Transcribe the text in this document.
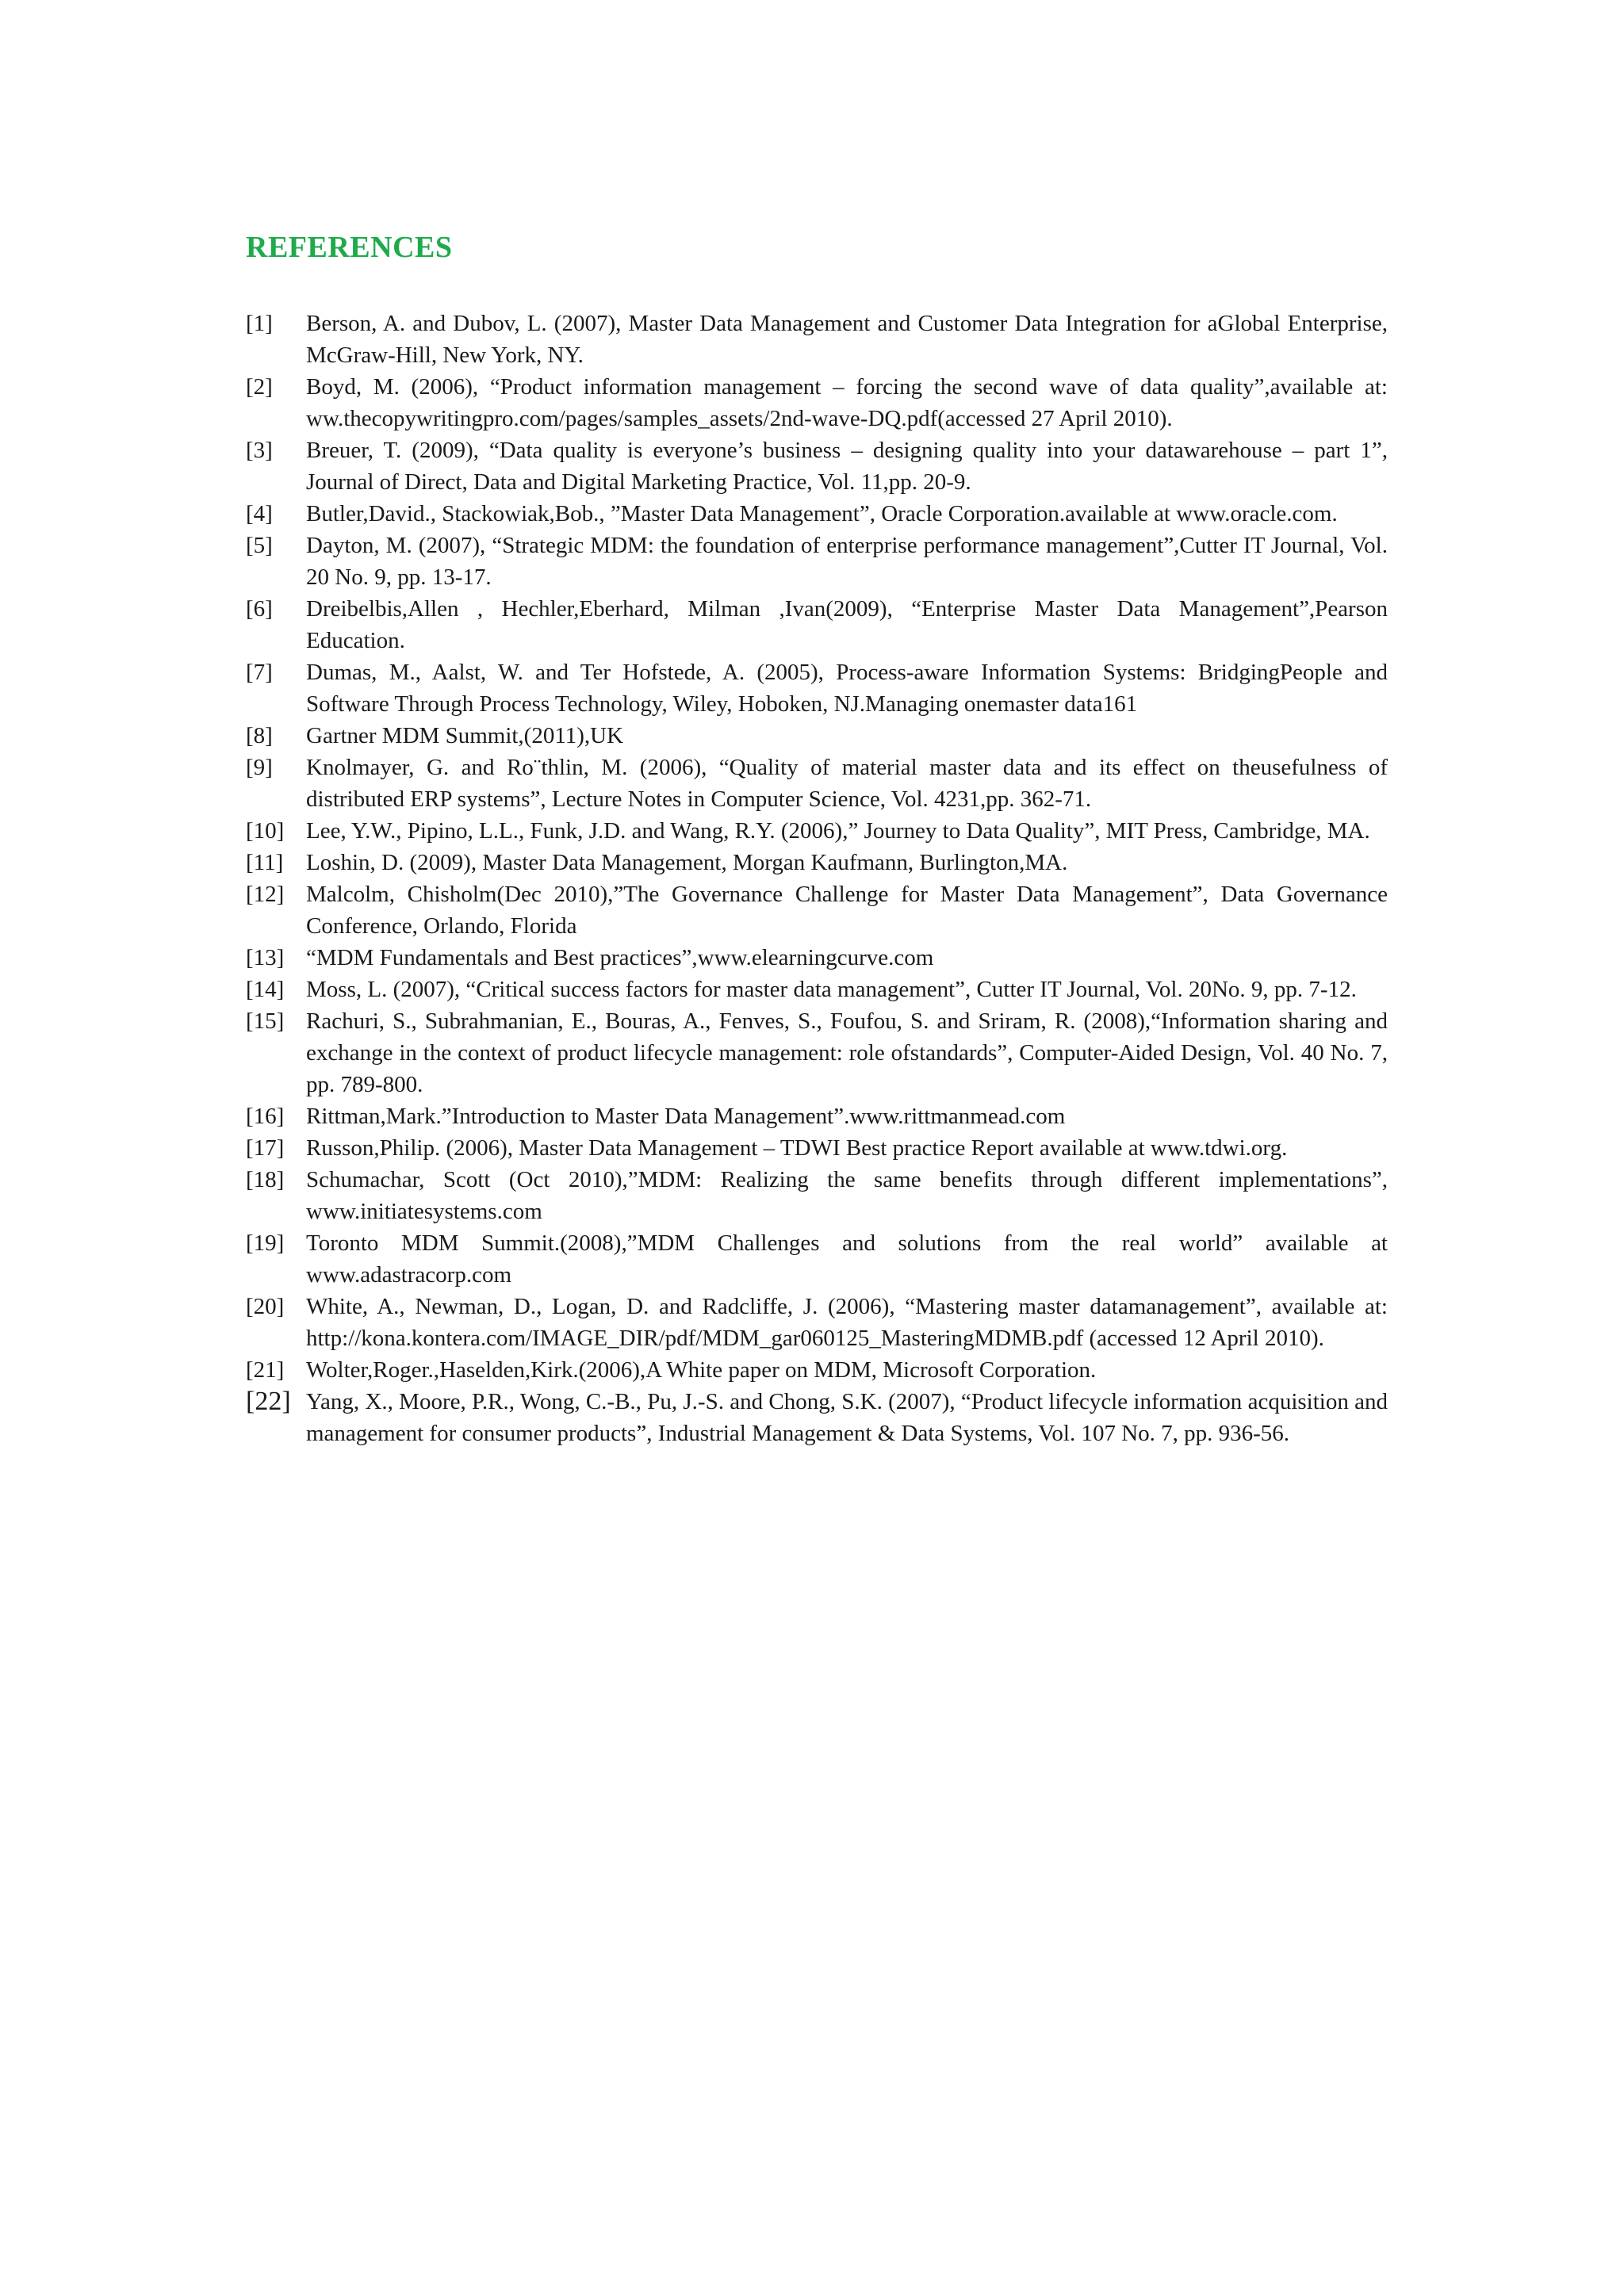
REFERENCES
[1]	Berson, A. and Dubov, L. (2007), Master Data Management and Customer Data Integration for aGlobal Enterprise, McGraw-Hill, New York, NY.
[2]	Boyd, M. (2006), “Product information management – forcing the second wave of data quality”,available at: ww.thecopywritingpro.com/pages/samples_assets/2nd-wave-DQ.pdf(accessed 27 April 2010).
[3]	Breuer, T. (2009), “Data quality is everyone’s business – designing quality into your datawarehouse – part 1”, Journal of Direct, Data and Digital Marketing Practice, Vol. 11,pp. 20-9.
[4]	Butler,David., Stackowiak,Bob., ”Master Data Management”, Oracle Corporation.available at www.oracle.com.
[5]	Dayton, M. (2007), “Strategic MDM: the foundation of enterprise performance management”,Cutter IT Journal, Vol. 20 No. 9, pp. 13-17.
[6]	Dreibelbis,Allen , Hechler,Eberhard, Milman ,Ivan(2009), “Enterprise Master Data Management”,Pearson Education.
[7]	Dumas, M., Aalst, W. and Ter Hofstede, A. (2005), Process-aware Information Systems: BridgingPeople and Software Through Process Technology, Wiley, Hoboken, NJ.Managing onemaster data161
[8]	Gartner MDM Summit,(2011),UK
[9]	Knolmayer, G. and Ro¨thlin, M. (2006), “Quality of material master data and its effect on theusefulness of distributed ERP systems”, Lecture Notes in Computer Science, Vol. 4231,pp. 362-71.
[10] Lee, Y.W., Pipino, L.L., Funk, J.D. and Wang, R.Y. (2006),” Journey to Data Quality”, MIT Press, Cambridge, MA.
[11] Loshin, D. (2009), Master Data Management, Morgan Kaufmann, Burlington,MA.
[12] Malcolm, Chisholm(Dec 2010),”The Governance Challenge for Master Data Management”, Data Governance Conference, Orlando, Florida
[13] “MDM Fundamentals and Best practices”,www.elearningcurve.com
[14] Moss, L. (2007), “Critical success factors for master data management”, Cutter IT Journal, Vol. 20No. 9, pp. 7-12.
[15] Rachuri, S., Subrahmanian, E., Bouras, A., Fenves, S., Foufou, S. and Sriram, R. (2008),“Information sharing and exchange in the context of product lifecycle management: role ofstandards”, Computer-Aided Design, Vol. 40 No. 7, pp. 789-800.
[16] Rittman,Mark.”Introduction to Master Data Management”.www.rittmanmead.com
[17] Russon,Philip. (2006), Master Data Management – TDWI Best practice Report available at www.tdwi.org.
[18] Schumachar, Scott (Oct 2010),”MDM: Realizing the same benefits through different implementations”, www.initiatesystems.com
[19] Toronto MDM Summit.(2008),”MDM Challenges and solutions from the real world” available at www.adastracorp.com
[20] White, A., Newman, D., Logan, D. and Radcliffe, J. (2006), “Mastering master datamanagement”, available at: http://kona.kontera.com/IMAGE_DIR/pdf/MDM_gar060125_MasteringMDMB.pdf (accessed 12 April 2010).
[21] Wolter,Roger.,Haselden,Kirk.(2006),A White paper on MDM, Microsoft Corporation.
[22] Yang, X., Moore, P.R., Wong, C.-B., Pu, J.-S. and Chong, S.K. (2007), “Product lifecycle information acquisition and management for consumer products”, Industrial Management & Data Systems, Vol. 107 No. 7, pp. 936-56.
